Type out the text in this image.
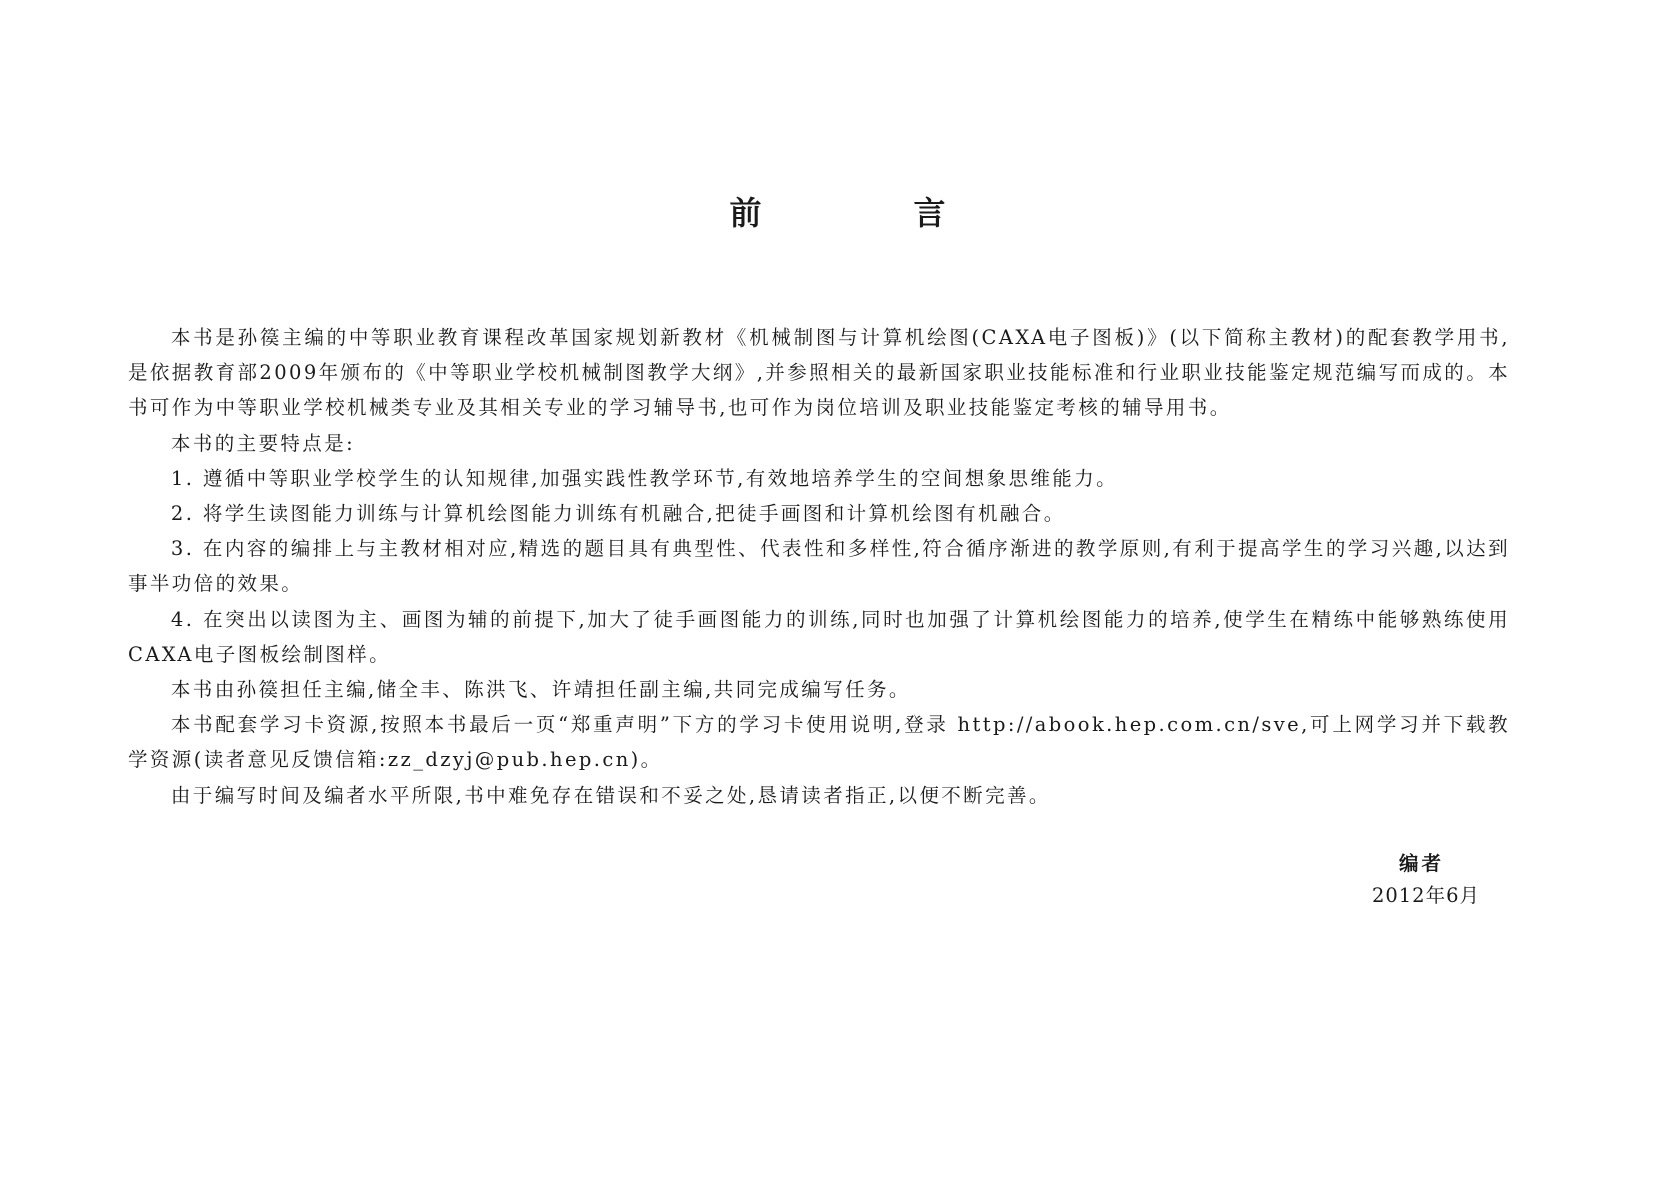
前　言

本书是孙篌主编的中等职业教育课程改革国家规划新教材《机械制图与计算机绘图(CAXA电子图板)》(以下简称主教材)的配套教学用书,是依据教育部2009年颁布的《中等职业学校机械制图教学大纲》,并参照相关的最新国家职业技能标准和行业职业技能鉴定规范编写而成的。本书可作为中等职业学校机械类专业及其相关专业的学习辅导书,也可作为岗位培训及职业技能鉴定考核的辅导用书。

本书的主要特点是:

1. 遵循中等职业学校学生的认知规律,加强实践性教学环节,有效地培养学生的空间想象思维能力。

2. 将学生读图能力训练与计算机绘图能力训练有机融合,把徒手画图和计算机绘图有机融合。

3. 在内容的编排上与主教材相对应,精选的题目具有典型性、代表性和多样性,符合循序渐进的教学原则,有利于提高学生的学习兴趣,以达到事半功倍的效果。

4. 在突出以读图为主、画图为辅的前提下,加大了徒手画图能力的训练,同时也加强了计算机绘图能力的培养,使学生在精练中能够熟练使用CAXA电子图板绘制图样。

本书由孙篌担任主编,储全丰、陈洪飞、许靖担任副主编,共同完成编写任务。

本书配套学习卡资源,按照本书最后一页“郑重声明”下方的学习卡使用说明,登录 http://abook.hep.com.cn/sve,可上网学习并下载教学资源(读者意见反馈信箱:zz_dzyj@pub.hep.cn)。

由于编写时间及编者水平所限,书中难免存在错误和不妥之处,恳请读者指正,以便不断完善。

编者
2012年6月
